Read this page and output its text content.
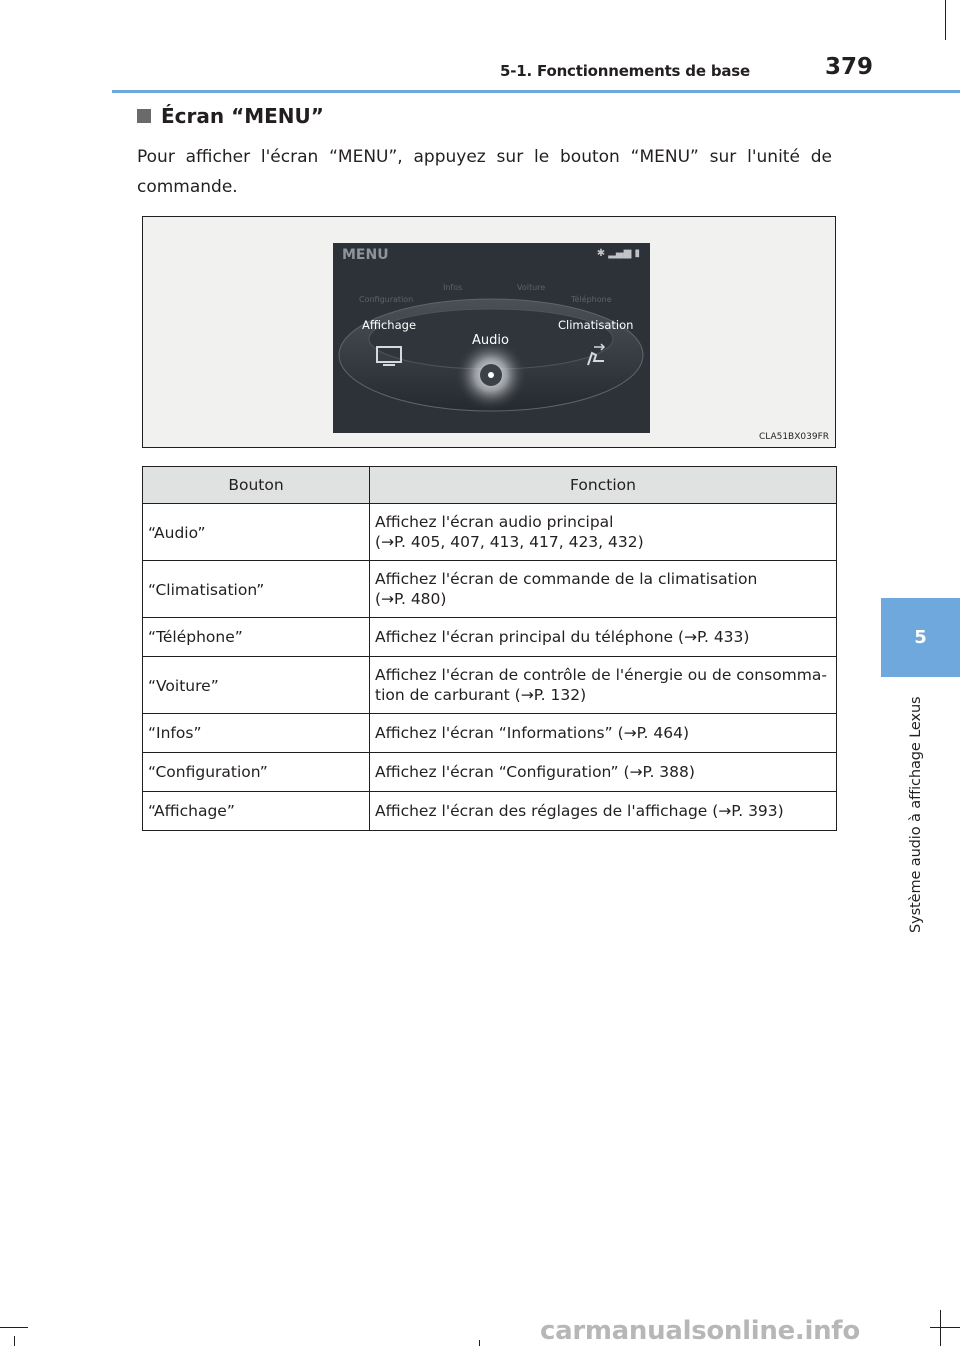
5-1. Fonctionnements de base	379
5
Système audio à affichage Lexus
Écran “MENU”
Pour afficher l'écran “MENU”, appuyez sur le bouton “MENU” sur l'unité de commande.
MENU	✱ ▂▄▆ ▮
Configuration
Infos	Voiture
Téléphone
Affichage	Climatisation
Audio
CLA51BX039FR
Bouton	Fonction
“Audio”	Affichez l'écran audio principal
(→P. 405, 407, 413, 417, 423, 432)
“Climatisation”	Affichez l'écran de commande de la climatisation
(→P. 480)
“Téléphone”	Affichez l'écran principal du téléphone (→P. 433)
“Voiture”	Affichez l'écran de contrôle de l'énergie ou de consomma-
tion de carburant (→P. 132)
“Infos”	Affichez l'écran “Informations” (→P. 464)
“Configuration”	Affichez l'écran “Configuration” (→P. 388)
“Affichage”	Affichez l'écran des réglages de l'affichage (→P. 393)
carmanualsonline.info
